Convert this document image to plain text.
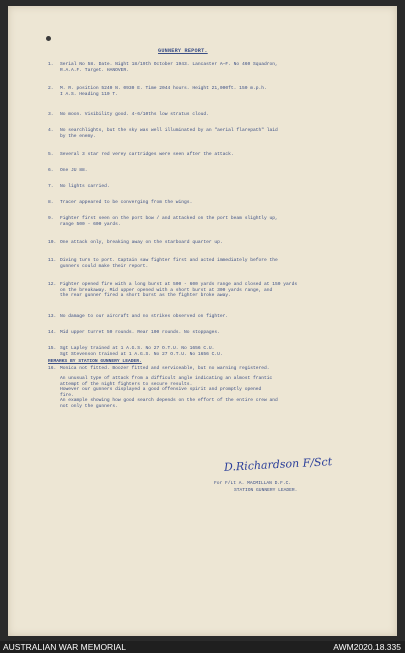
GUNNERY REPORT.
1.	Serial No 58. Date. Night 18/19th October 1943. Lancaster A—F. No 460 Squadron,
R.A.A.F. Target. HANOVER.
2.	M. R. position 5240 N. 0930 E. Time 2044 hours. Height 21,000ft. 150 m.p.h.
I A.S. Heading 110 T.
3.	No moon. Visibility good. 4-6/10ths low stratus cloud.
4.	No searchlights, but the sky was well illuminated by an "aerial flarepath" laid
by the enemy.
5.	Several 3 star red verey cartridges were seen after the attack.
6.	One JU 88.
7.	No lights carried.
8.	Tracer appeared to be converging from the wings.
9.	Fighter first seen on the port bow / and attacked on the port beam slightly up,
range 500 - 600 yards.
10. One attack only, breaking away on the starboard quarter up.
11. Diving turn to port. Captain saw fighter first and acted immediately before the
gunners could make their report.
12. Fighter opened fire with a long burst at 500 - 600 yards range and closed at 150 yards
on the breakaway. Mid upper opened with a short burst at 300 yards range, and
the rear gunner fired a short burst as the fighter broke away.
13. No damage to our aircraft and no strikes observed on fighter.
14. Mid upper turret 50 rounds. Rear 100 rounds. No stoppages.
15. Sgt Lapley trained at 1 A.G.S. No 27 O.T.U. No 1656 C.U.
Sgt Stevenson trained at 1 A.G.S. No 27 O.T.U. No 1656 C.U.
16. Monica not fitted. Boozer fitted and serviceable, but no warning registered.
REMARKS BY STATION GUNNERY LEADER.
An unusual type of attack from a difficult angle indicating an almost frantic
attempt of the night fighters to secure results.
However our gunners displayed a good offensive spirit and promptly opened
fire.
An example showing how good search depends on the effort of the entire crew and
not only the gunners.
D.Richardson F/Sct
For F/Lt A. MACMILLAN D.F.C.
STATION GUNNERY LEADER.
AUSTRALIAN WAR MEMORIAL	AWM2020.18.335
